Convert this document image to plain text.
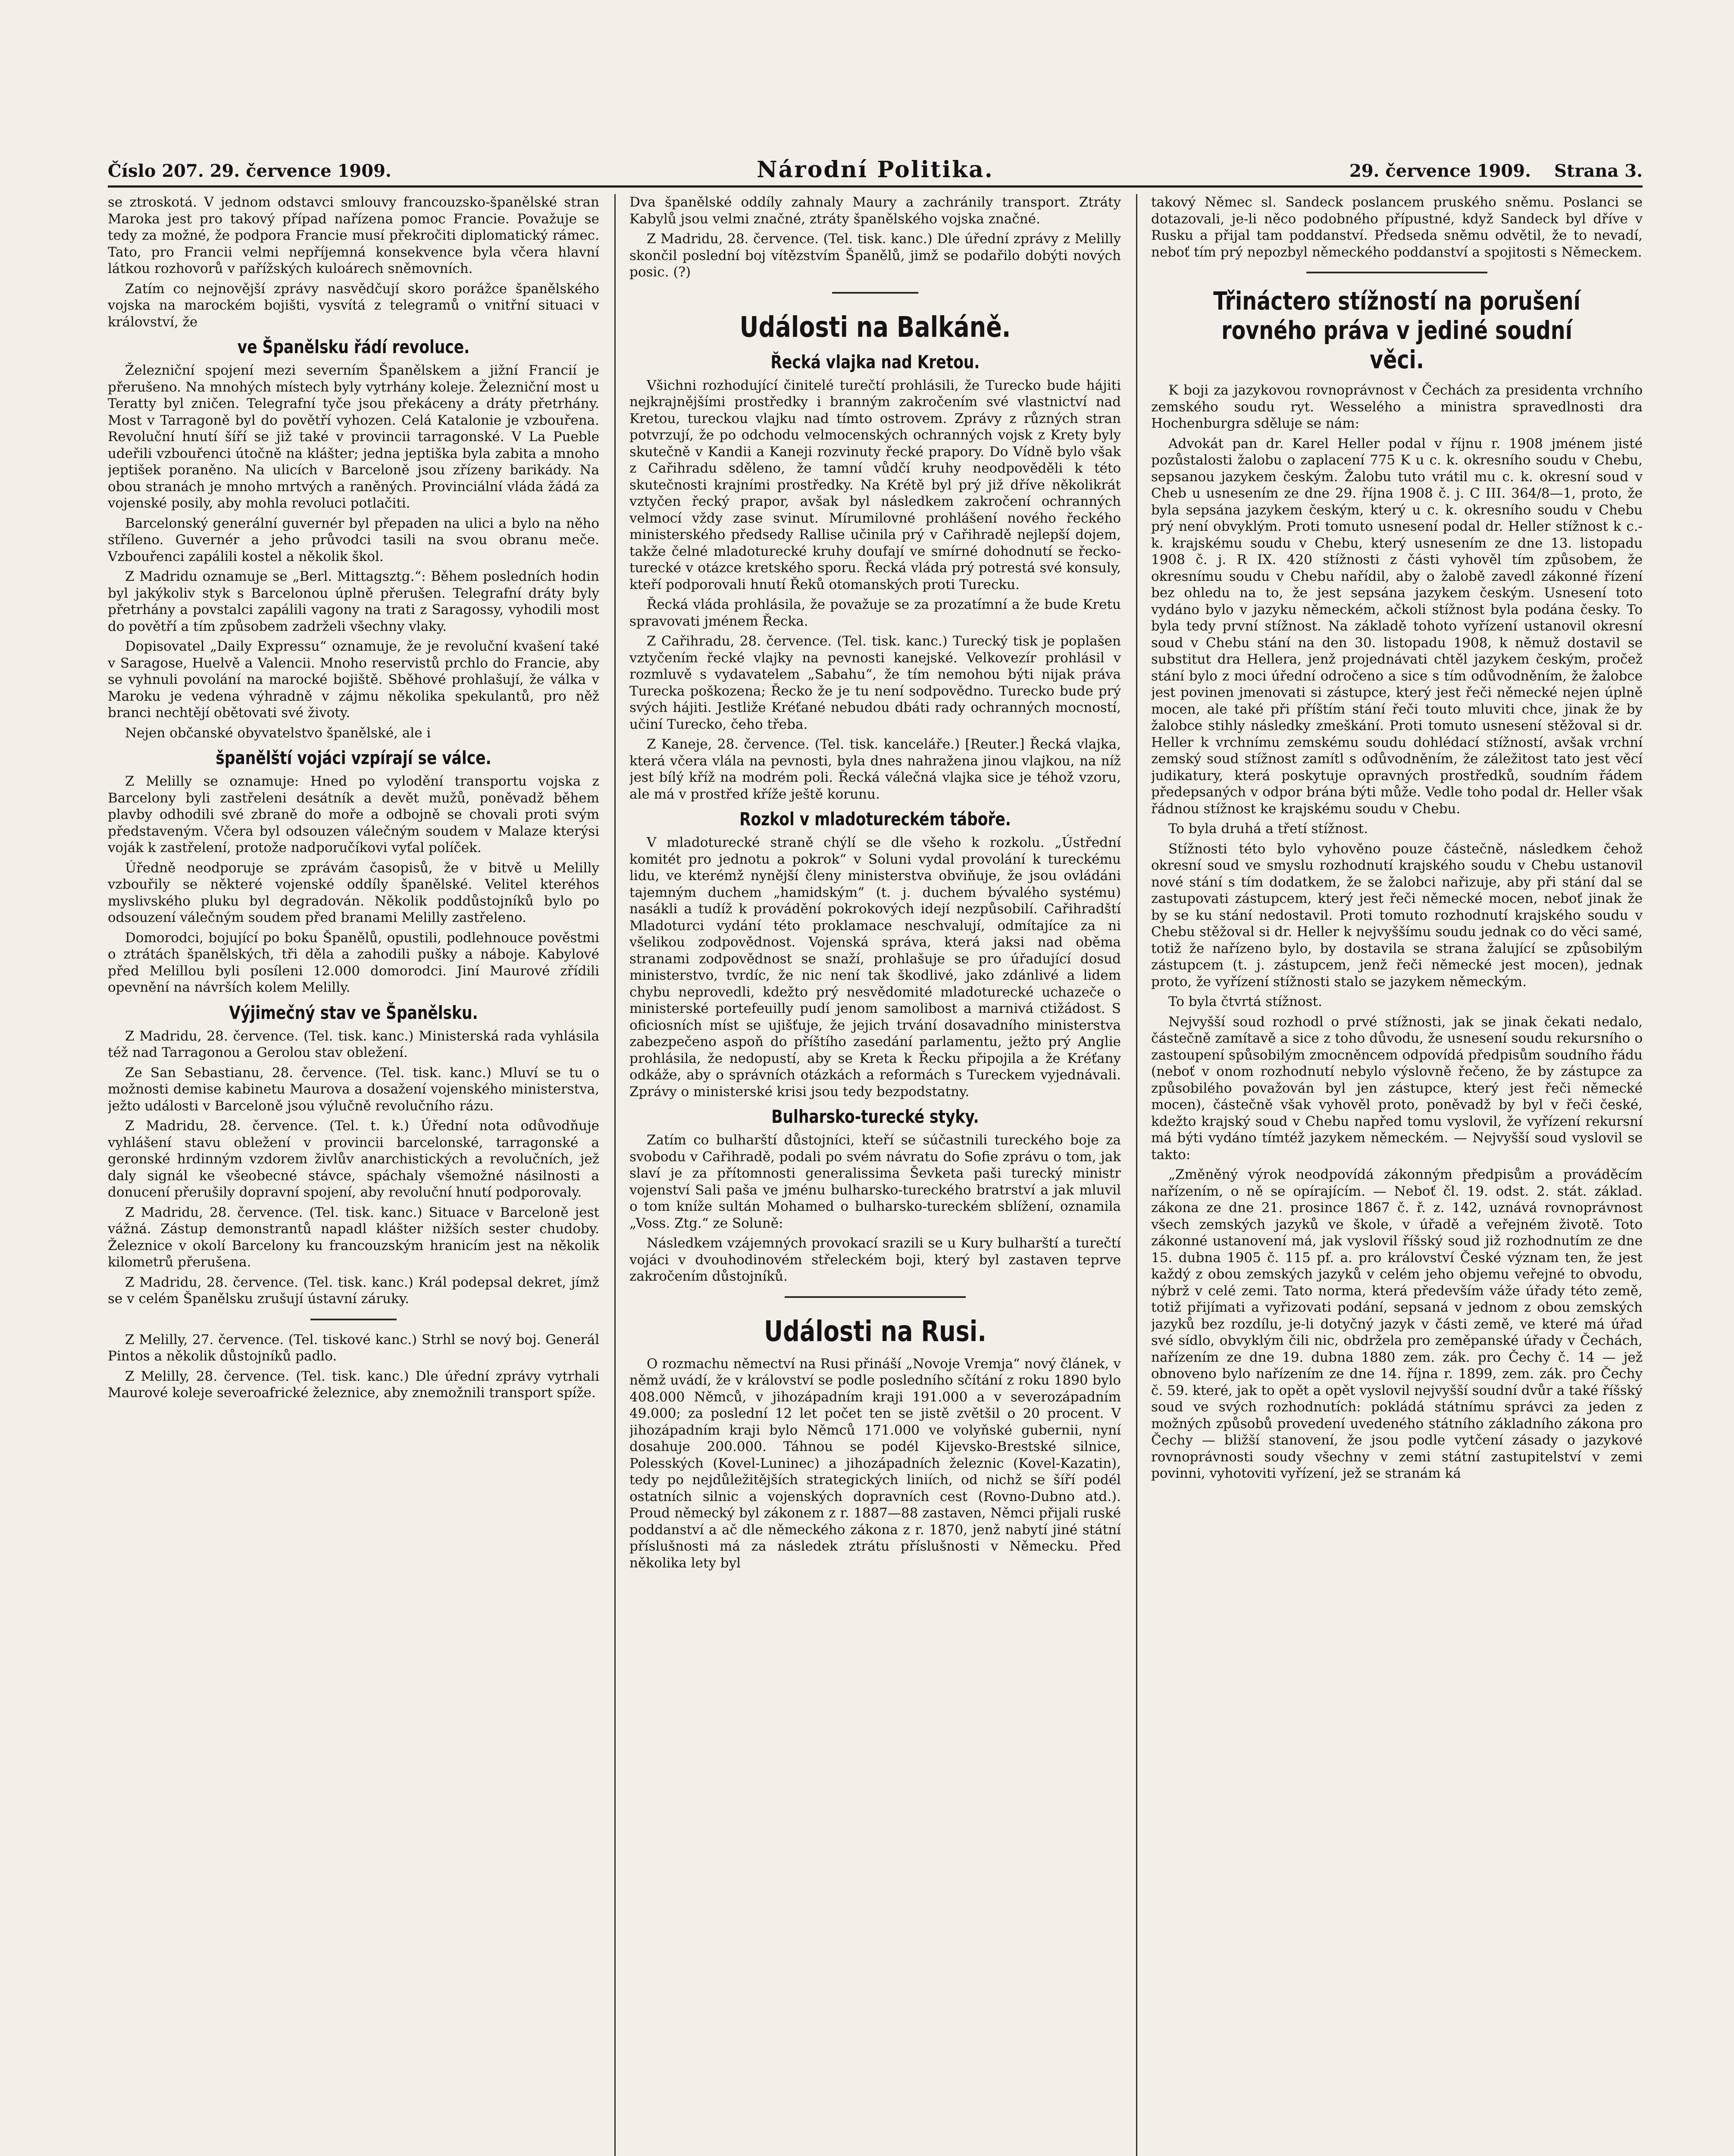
Číslo 207. 29. července 1909.	Národní Politika.	29. července 1909. Strana 3.

se ztroskotá. V jednom odstavci smlouvy francouzsko-španělské stran Maroka jest pro takový případ nařízena pomoc Francie. Považuje se tedy za možné, že podpora Francie musí překročiti diplomatický rámec. Tato, pro Francii velmi nepříjemná konsekvence byla včera hlavní látkou rozhovorů v pařížských kuloárech sněmovních.

Zatím co nejnovější zprávy nasvědčují skoro porážce španělského vojska na marockém bojišti, vysvítá z telegramů o vnitřní situaci v království, že

ve Španělsku řádí revoluce.

Železniční spojení mezi severním Španělskem a jižní Francií je přerušeno. Na mnohých místech byly vytrhány koleje. Železniční most u Teratty byl zničen. Telegrafní tyče jsou překáceny a dráty přetrhány. Most v Tarragoně byl do povětří vyhozen. Celá Katalonie je vzbouřena. Revoluční hnutí šíří se již také v provincii tarragonské. V La Pueble udeřili vzbouřenci útočně na klášter; jedna jeptiška byla zabita a mnoho jeptišek poraněno. Na ulicích v Barceloně jsou zřízeny barikády. Na obou stranách je mnoho mrtvých a raněných. Provinciální vláda žádá za vojenské posily, aby mohla revoluci potlačiti.

Barcelonský generální guvernér byl přepaden na ulici a bylo na něho stříleno. Guvernér a jeho průvodci tasili na svou obranu meče. Vzbouřenci zapálili kostel a několik škol.

Z Madridu oznamuje se „Berl. Mittagsztg.“: Během posledních hodin byl jakýkoliv styk s Barcelonou úplně přerušen. Telegrafní dráty byly přetrhány a povstalci zapálili vagony na trati z Saragossy, vyhodili most do povětří a tím způsobem zadrželi všechny vlaky.

Dopisovatel „Daily Expressu“ oznamuje, že je revoluční kvašení také v Saragose, Huelvě a Valencii. Mnoho reservistů prchlo do Francie, aby se vyhnuli povolání na marocké bojiště. Sběhové prohlašují, že válka v Maroku je vedena výhradně v zájmu několika spekulantů, pro něž branci nechtějí obětovati své životy.

Nejen občanské obyvatelstvo španělské, ale i

španělští vojáci vzpírají se válce.

Z Melilly se oznamuje: Hned po vylodění transportu vojska z Barcelony byli zastřeleni desátník a devět mužů, poněvadž během plavby odhodili své zbraně do moře a odbojně se chovali proti svým představeným. Včera byl odsouzen válečným soudem v Malaze kterýsi voják k zastřelení, protože nadporučíkovi vyťal políček.

Úředně neodporuje se zprávám časopisů, že v bitvě u Melilly vzbouřily se některé vojenské oddíly španělské. Velitel kteréhos myslivského pluku byl degradován. Několik poddůstojníků bylo po odsouzení válečným soudem před branami Melilly zastřeleno.

Domorodci, bojující po boku Španělů, opustili, podlehnouce pověstmi o ztrátách španělských, tři děla a zahodili pušky a náboje. Kabylové před Melillou byli posíleni 12.000 domorodci. Jiní Maurové zřídili opevnění na návrších kolem Melilly.

Výjimečný stav ve Španělsku.

Z Madridu, 28. července. (Tel. tisk. kanc.) Ministerská rada vyhlásila též nad Tarragonou a Gerolou stav obležení.

Ze San Sebastianu, 28. července. (Tel. tisk. kanc.) Mluví se tu o možnosti demise kabinetu Maurova a dosažení vojenského ministerstva, ježto události v Barceloně jsou výlučně revolučního rázu.

Z Madridu, 28. července. (Tel. t. k.) Úřední nota odůvodňuje vyhlášení stavu obležení v provincii barcelonské, tarragonské a geronské hrdinným vzdorem živlův anarchistických a revolučních, jež daly signál ke všeobecné stávce, spáchaly všemožné násilnosti a donucení přerušily dopravní spojení, aby revoluční hnutí podporovaly.

Z Madridu, 28. července. (Tel. tisk. kanc.) Situace v Barceloně jest vážná. Zástup demonstrantů napadl klášter nižších sester chudoby. Železnice v okolí Barcelony ku francouzským hranicím jest na několik kilometrů přerušena.

Z Madridu, 28. července. (Tel. tisk. kanc.) Král podepsal dekret, jímž se v celém Španělsku zrušují ústavní záruky.

Z Melilly, 27. července. (Tel. tiskové kanc.) Strhl se nový boj. Generál Pintos a několik důstojníků padlo.

Z Melilly, 28. července. (Tel. tisk. kanc.) Dle úřední zprávy vytrhali Maurové koleje severoafrické železnice, aby znemožnili transport spíže.

Dva španělské oddíly zahnaly Maury a zachránily transport. Ztráty Kabylů jsou velmi značné, ztráty španělského vojska značné.

Z Madridu, 28. července. (Tel. tisk. kanc.) Dle úřední zprávy z Melilly skončil poslední boj vítězstvím Španělů, jimž se podařilo dobýti nových posic. (?)

Události na Balkáně.
Řecká vlajka nad Kretou.

Všichni rozhodující činitelé turečtí prohlásili, že Turecko bude hájiti nejkrajnějšími prostředky i branným zakročením své vlastnictví nad Kretou, tureckou vlajku nad tímto ostrovem. Zprávy z různých stran potvrzují, že po odchodu velmocenských ochranných vojsk z Krety byly skutečně v Kandii a Kaneji rozvinuty řecké prapory. Do Vídně bylo však z Cařihradu sděleno, že tamní vůdčí kruhy neodpověděli k této skutečnosti krajními prostředky. Na Krétě byl prý již dříve několikrát vztyčen řecký prapor, avšak byl následkem zakročení ochranných velmocí vždy zase svinut. Mírumilovné prohlášení nového řeckého ministerského předsedy Rallise učinila prý v Cařihradě nejlepší dojem, takže čelné mladoturecké kruhy doufají ve smírné dohodnutí se řecko-turecké v otázce kretského sporu. Řecká vláda prý potrestá své konsuly, kteří podporovali hnutí Řeků otomanských proti Turecku.

Řecká vláda prohlásila, že považuje se za prozatímní a že bude Kretu spravovati jménem Řecka.

Z Cařihradu, 28. července. (Tel. tisk. kanc.) Turecký tisk je poplašen vztyčením řecké vlajky na pevnosti kanejské. Velkovezír prohlásil v rozmluvě s vydavatelem „Sabahu“, že tím nemohou býti nijak práva Turecka poškozena; Řecko že je tu není sodpovědno. Turecko bude prý svých hájiti. Jestliže Kréťané nebudou dbáti rady ochranných mocností, učiní Turecko, čeho třeba.

Z Kaneje, 28. července. (Tel. tisk. kanceláře.) [Reuter.] Řecká vlajka, která včera vlála na pevnosti, byla dnes nahražena jinou vlajkou, na níž jest bílý kříž na modrém poli. Řecká válečná vlajka sice je téhož vzoru, ale má v prostřed kříže ještě korunu.

Rozkol v mladotureckém táboře.

V mladoturecké straně chýlí se dle všeho k rozkolu. „Ústřední komitét pro jednotu a pokrok“ v Soluni vydal provolání k tureckému lidu, ve kterémž nynější členy ministerstva obviňuje, že jsou ovládáni tajemným duchem „hamidským“ (t. j. duchem bývalého systému) nasákli a tudíž k provádění pokrokových idejí nezpůsobilí. Cařihradští Mladoturci vydání této proklamace neschvalují, odmítajíce za ni všelikou zodpovědnost. Vojenská správa, která jaksi nad oběma stranami zodpovědnost se snaží, prohlašuje se pro úřadující dosud ministerstvo, tvrdíc, že nic není tak škodlivé, jako zdánlivé a lidem chybu neprovedli, kdežto prý nesvědomité mladoturecké uchazeče o ministerské portefeuilly pudí jenom samolibost a marnivá ctižádost. S oficiosních míst se ujišťuje, že jejich trvání dosavadního ministerstva zabezpečeno aspoň do příštího zasedání parlamentu, ježto prý Anglie prohlásila, že nedopustí, aby se Kreta k Řecku připojila a že Kréťany odkáže, aby o správních otázkách a reformách s Tureckem vyjednávali. Zprávy o ministerské krisi jsou tedy bezpodstatny.

Bulharsko-turecké styky.

Zatím co bulharští důstojníci, kteří se súčastnili tureckého boje za svobodu v Cařihradě, podali po svém návratu do Sofie zprávu o tom, jak slaví je za přítomnosti generalissima Ševketa paši turecký ministr vojenství Sali paša ve jménu bulharsko-tureckého bratrství a jak mluvil o tom kníže sultán Mohamed o bulharsko-tureckém sblížení, oznamila „Voss. Ztg.“ ze Soluně:

Následkem vzájemných provokací srazili se u Kury bulharští a turečtí vojáci v dvouhodinovém střeleckém boji, který byl zastaven teprve zakročením důstojníků.

Události na Rusi.

O rozmachu němectví na Rusi přináší „Novoje Vremja“ nový článek, v němž uvádí, že v království se podle posledního sčítání z roku 1890 bylo 408.000 Němců, v jihozápadním kraji 191.000 a v severozápadním 49.000; za poslední 12 let počet ten se jistě zvětšil o 20 procent. V jihozápadním kraji bylo Němců 171.000 ve volyňské gubernii, nyní dosahuje 200.000. Táhnou se podél Kijevsko-Brestské silnice, Polesských (Kovel-Luninec) a jihozápadních železnic (Kovel-Kazatin), tedy po nejdůležitějších strategických liniích, od nichž se šíří podél ostatních silnic a vojenských dopravních cest (Rovno-Dubno atd.). Proud německý byl zákonem z r. 1887—88 zastaven, Němci přijali ruské poddanství a ač dle německého zákona z r. 1870, jenž nabytí jiné státní příslušnosti má za následek ztrátu příslušnosti v Německu. Před několika lety byl

takový Němec sl. Sandeck poslancem pruského sněmu. Poslanci se dotazovali, je-li něco podobného přípustné, když Sandeck byl dříve v Rusku a přijal tam poddanství. Předseda sněmu odvětil, že to nevadí, neboť tím prý nepozbyl německého poddanství a spojitosti s Německem.

Třináctero stížností na porušení rovného práva v jediné soudní věci.

K boji za jazykovou rovnoprávnost v Čechách za presidenta vrchního zemského soudu ryt. Wesselého a ministra spravedlnosti dra Hochenburgra sděluje se nám:

Advokát pan dr. Karel Heller podal v říjnu r. 1908 jménem jisté pozůstalosti žalobu o zaplacení 775 K u c. k. okresního soudu v Chebu, sepsanou jazykem českým. Žalobu tuto vrátil mu c. k. okresní soud v Cheb u usnesením ze dne 29. října 1908 č. j. C III. 364/8—1, proto, že byla sepsána jazykem českým, který u c. k. okresního soudu v Chebu prý není obvyklým. Proti tomuto usnesení podal dr. Heller stížnost k c.-k. krajskému soudu v Chebu, který usnesením ze dne 13. listopadu 1908 č. j. R IX. 420 stížnosti z části vyhověl tím způsobem, že okresnímu soudu v Chebu nařídil, aby o žalobě zavedl zákonné řízení bez ohledu na to, že jest sepsána jazykem českým. Usnesení toto vydáno bylo v jazyku německém, ačkoli stížnost byla podána česky. To byla tedy první stížnost. Na základě tohoto vyřízení ustanovil okresní soud v Chebu stání na den 30. listopadu 1908, k němuž dostavil se substitut dra Hellera, jenž projednávati chtěl jazykem českým, pročež stání bylo z moci úřední odročeno a sice s tím odůvodněním, že žalobce jest povinen jmenovati si zástupce, který jest řeči německé nejen úplně mocen, ale také při příštím stání řeči touto mluviti chce, jinak že by žalobce stihly následky zmeškání. Proti tomuto usnesení stěžoval si dr. Heller k vrchnímu zemskému soudu dohlédací stížností, avšak vrchní zemský soud stížnost zamítl s odůvodněním, že záležitost tato jest věcí judikatury, která poskytuje opravných prostředků, soudním řádem předepsaných v odpor brána býti může. Vedle toho podal dr. Heller však řádnou stížnost ke krajskému soudu v Chebu.

To byla druhá a třetí stížnost.

Stížnosti této bylo vyhověno pouze částečně, následkem čehož okresní soud ve smyslu rozhodnutí krajského soudu v Chebu ustanovil nové stání s tím dodatkem, že se žalobci nařizuje, aby při stání dal se zastupovati zástupcem, který jest řeči německé mocen, neboť jinak že by se ku stání nedostavil. Proti tomuto rozhodnutí krajského soudu v Chebu stěžoval si dr. Heller k nejvyššímu soudu jednak co do věci samé, totiž že nařízeno bylo, by dostavila se strana žalující se způsobilým zástupcem (t. j. zástupcem, jenž řeči německé jest mocen), jednak proto, že vyřízení stížnosti stalo se jazykem německým.

To byla čtvrtá stížnost.

Nejvyšší soud rozhodl o prvé stížnosti, jak se jinak čekati nedalo, částečně zamítavě a sice z toho důvodu, že usnesení soudu rekursního o zastoupení spůsobilým zmocněncem odpovídá předpisům soudního řádu (neboť v onom rozhodnutí nebylo výslovně řečeno, že by zástupce za způsobilého považován byl jen zástupce, který jest řeči německé mocen), částečně však vyhověl proto, poněvadž by byl v řeči české, kdežto krajský soud v Chebu napřed tomu vyslovil, že vyřízení rekursní má býti vydáno tímtéž jazykem německém. — Nejvyšší soud vyslovil se takto:

„Změněný výrok neodpovídá zákonným předpisům a prováděcím nařízením, o ně se opírajícím. — Neboť čl. 19. odst. 2. stát. základ. zákona ze dne 21. prosince 1867 č. ř. z. 142, uznává rovnoprávnost všech zemských jazyků ve škole, v úřadě a veřejném životě. Toto zákonné ustanovení má, jak vyslovil říšský soud již rozhodnutím ze dne 15. dubna 1905 č. 115 pf. a. pro království České význam ten, že jest každý z obou zemských jazyků v celém jeho objemu veřejné to obvodu, nýbrž v celé zemi. Tato norma, která především váže úřady této země, totiž přijímati a vyřizovati podání, sepsaná v jednom z obou zemských jazyků bez rozdílu, je-li dotyčný jazyk v části země, ve které má úřad své sídlo, obvyklým čili nic, obdržela pro zeměpanské úřady v Čechách, nařízením ze dne 19. dubna 1880 zem. zák. pro Čechy č. 14 — jež obnoveno bylo nařízením ze dne 14. října r. 1899, zem. zák. pro Čechy č. 59. které, jak to opět a opět vyslovil nejvyšší soudní dvůr a také říšský soud ve svých rozhodnutích: pokládá státnímu správci za jeden z možných způsobů provedení uvedeného státního základního zákona pro Čechy — bližší stanovení, že jsou podle vytčení zásady o jazykové rovnoprávnosti soudy všechny v zemi státní zastupitelství v zemi povinni, vyhotoviti vyřízení, jež se stranám ká
